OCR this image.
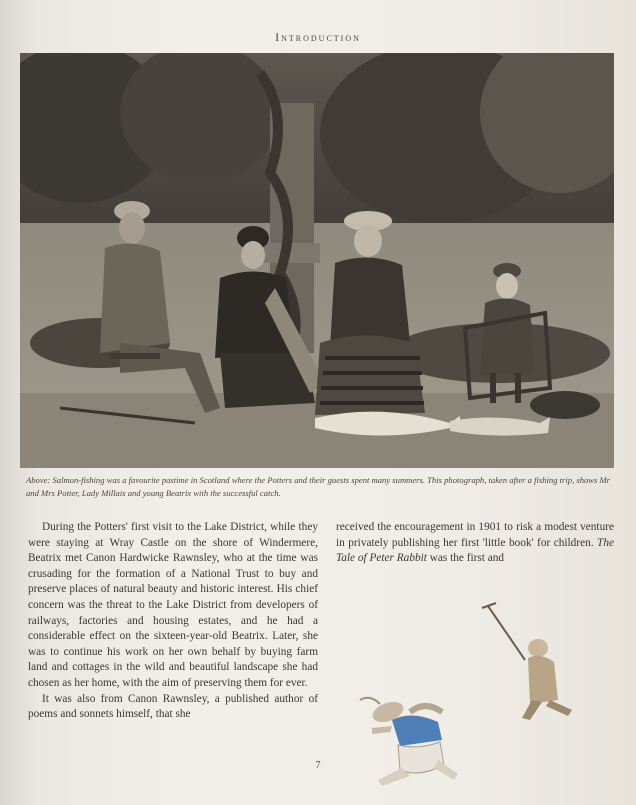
Introduction
Above: Salmon-fishing was a favourite pastime in Scotland where the Potters and their guests spent many summers. This photograph, taken after a fishing trip, shows Mr and Mrs Potter, Lady Millais and young Beatrix with the successful catch.

During the Potters' first visit to the Lake District, while they were staying at Wray Castle on the shore of Windermere, Beatrix met Canon Hardwicke Rawnsley, who at the time was crusading for the formation of a National Trust to buy and preserve places of natural beauty and historic interest. His chief concern was the threat to the Lake District from developers of railways, factories and housing estates, and he had a considerable effect on the sixteen-year-old Beatrix. Later, she was to continue his work on her own behalf by buying farm land and cottages in the wild and beautiful landscape she had chosen as her home, with the aim of preserving them for ever.

It was also from Canon Rawnsley, a published author of poems and sonnets himself, that she

received the encouragement in 1901 to risk a modest venture in privately publishing her first 'little book' for children. The Tale of Peter Rabbit was the first and

7
